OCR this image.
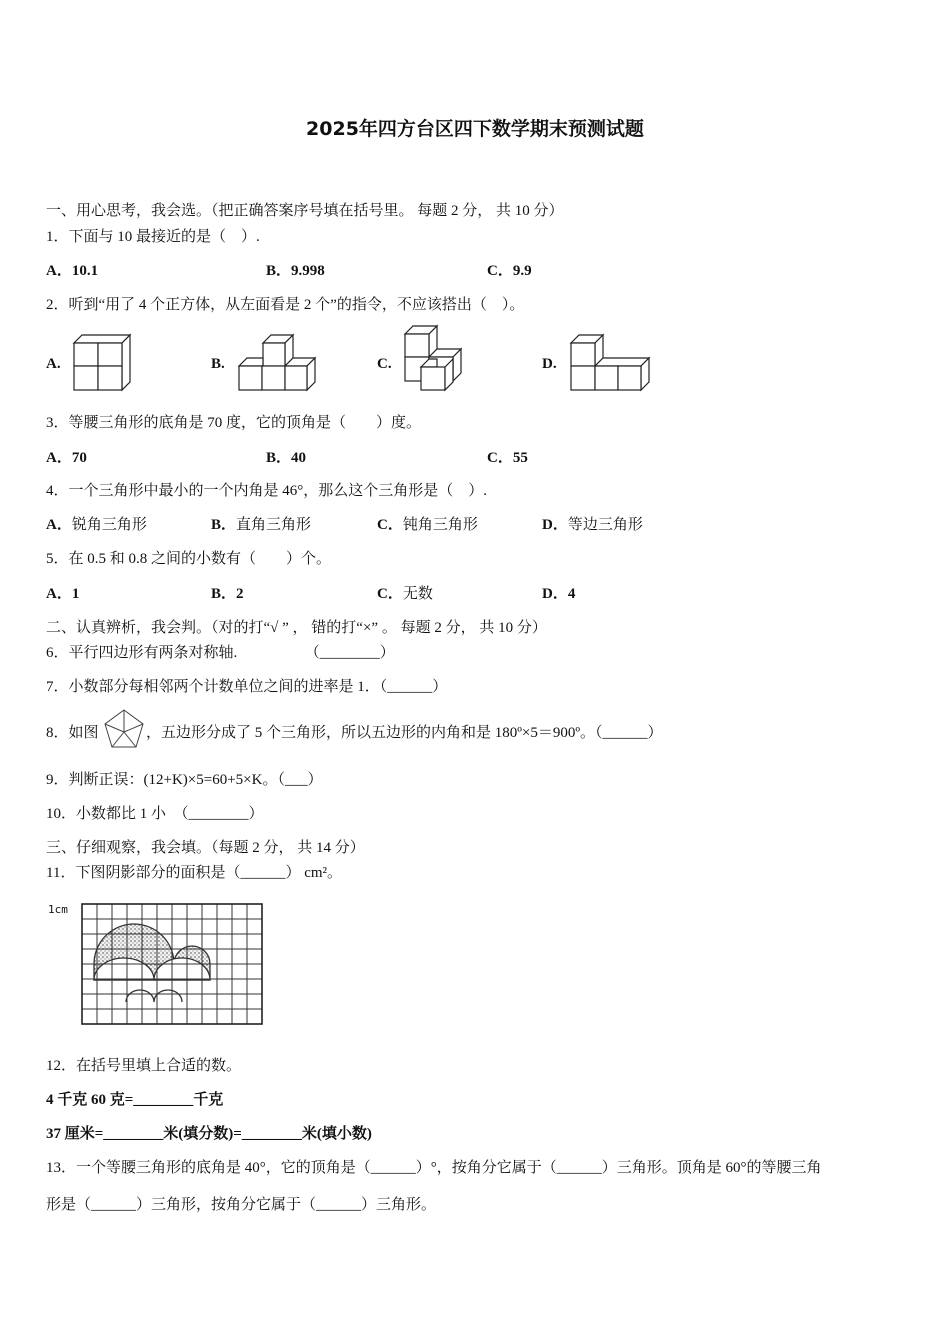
2025年四方台区四下数学期末预测试题
一、用心思考，我会选。（把正确答案序号填在括号里。 每题 2 分， 共 10 分）
1．下面与 10 最接近的是（　）.
A．10.1	B．9.998	C．9.9
2．听到“用了 4 个正方体，从左面看是 2 个”的指令，不应该搭出（　）。
A.	B.	C.	D.
3．等腰三角形的底角是 70 度，它的顶角是（　　）度。
A．70	B．40	C．55
4．一个三角形中最小的一个内角是 46°，那么这个三角形是（　）.
A．锐角三角形	B．直角三角形	C．钝角三角形	D．等边三角形
5．在 0.5 和 0.8 之间的小数有（　　）个。
A．1	B．2	C．无数	D．4
二、认真辨析，我会判。（对的打“√ ” ， 错的打“×” 。 每题 2 分， 共 10 分）
6．平行四边形有两条对称轴.　　　　　（________）
7．小数部分每相邻两个计数单位之间的进率是 1．（______）
8．如图	，五边形分成了 5 个三角形，所以五边形的内角和是 180º×5＝900º。（______）
9．判断正误：(12+K)×5=60+5×K。（___）
10．小数都比 1 小　（________）
三、仔细观察，我会填。（每题 2 分， 共 14 分）
11．下图阴影部分的面积是（______） cm²。
1cm
12．在括号里填上合适的数。
4 千克 60 克=________千克
37 厘米=________米(填分数)=________米(填小数)
13．一个等腰三角形的底角是 40°，它的顶角是（______）°，按角分它属于（______）三角形。顶角是 60°的等腰三角
形是（______）三角形，按角分它属于（______）三角形。
